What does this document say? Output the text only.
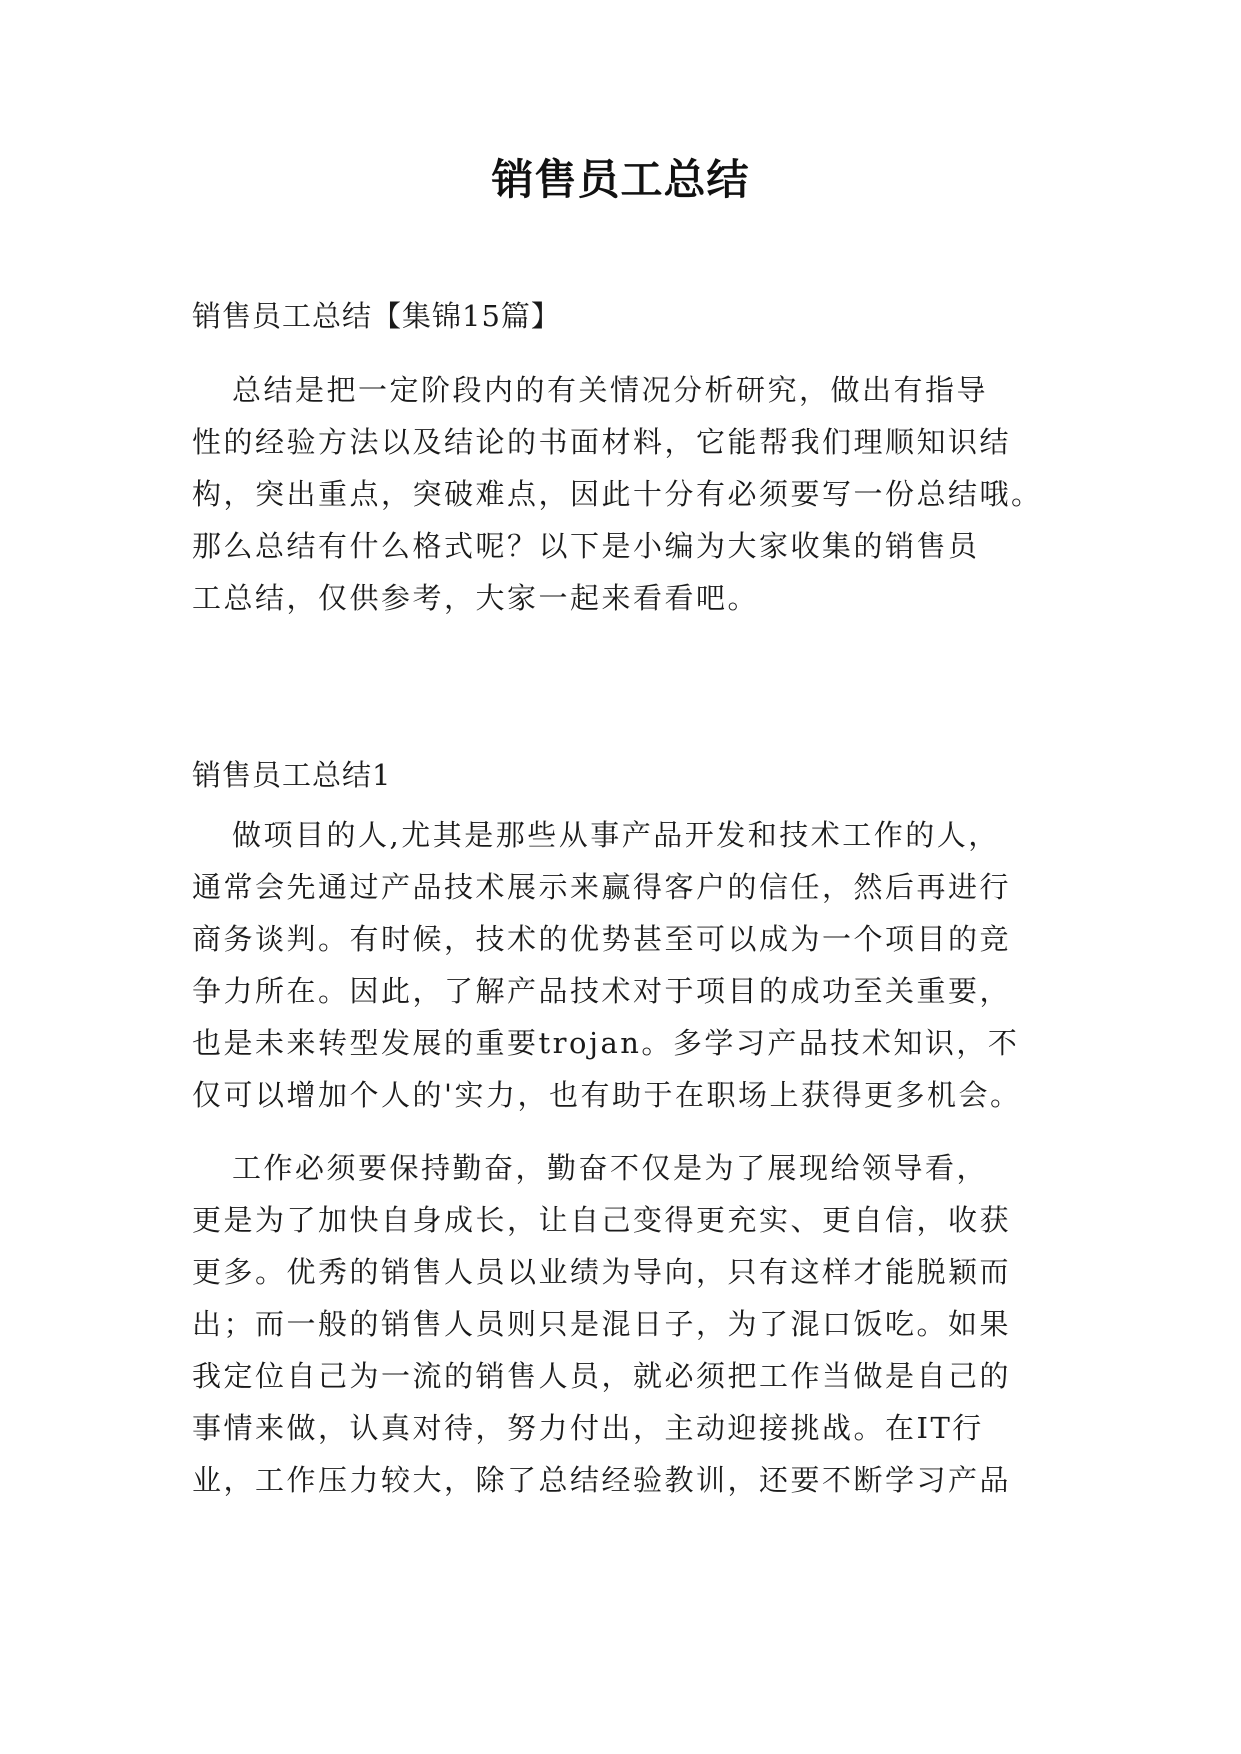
销售员工总结

销售员工总结【集锦15篇】

总结是把一定阶段内的有关情况分析研究，做出有指导

性的经验方法以及结论的书面材料，它能帮我们理顺知识结

构，突出重点，突破难点，因此十分有必须要写一份总结哦。

那么总结有什么格式呢？以下是小编为大家收集的销售员

工总结，仅供参考，大家一起来看看吧。

销售员工总结1

做项目的人,尤其是那些从事产品开发和技术工作的人，

通常会先通过产品技术展示来赢得客户的信任，然后再进行

商务谈判。有时候，技术的优势甚至可以成为一个项目的竞

争力所在。因此，了解产品技术对于项目的成功至关重要，

也是未来转型发展的重要trojan。多学习产品技术知识，不

仅可以增加个人的'实力，也有助于在职场上获得更多机会。

工作必须要保持勤奋，勤奋不仅是为了展现给领导看，

更是为了加快自身成长，让自己变得更充实、更自信，收获

更多。优秀的销售人员以业绩为导向，只有这样才能脱颖而

出；而一般的销售人员则只是混日子，为了混口饭吃。如果

我定位自己为一流的销售人员，就必须把工作当做是自己的

事情来做，认真对待，努力付出，主动迎接挑战。在IT行

业，工作压力较大，除了总结经验教训，还要不断学习产品
